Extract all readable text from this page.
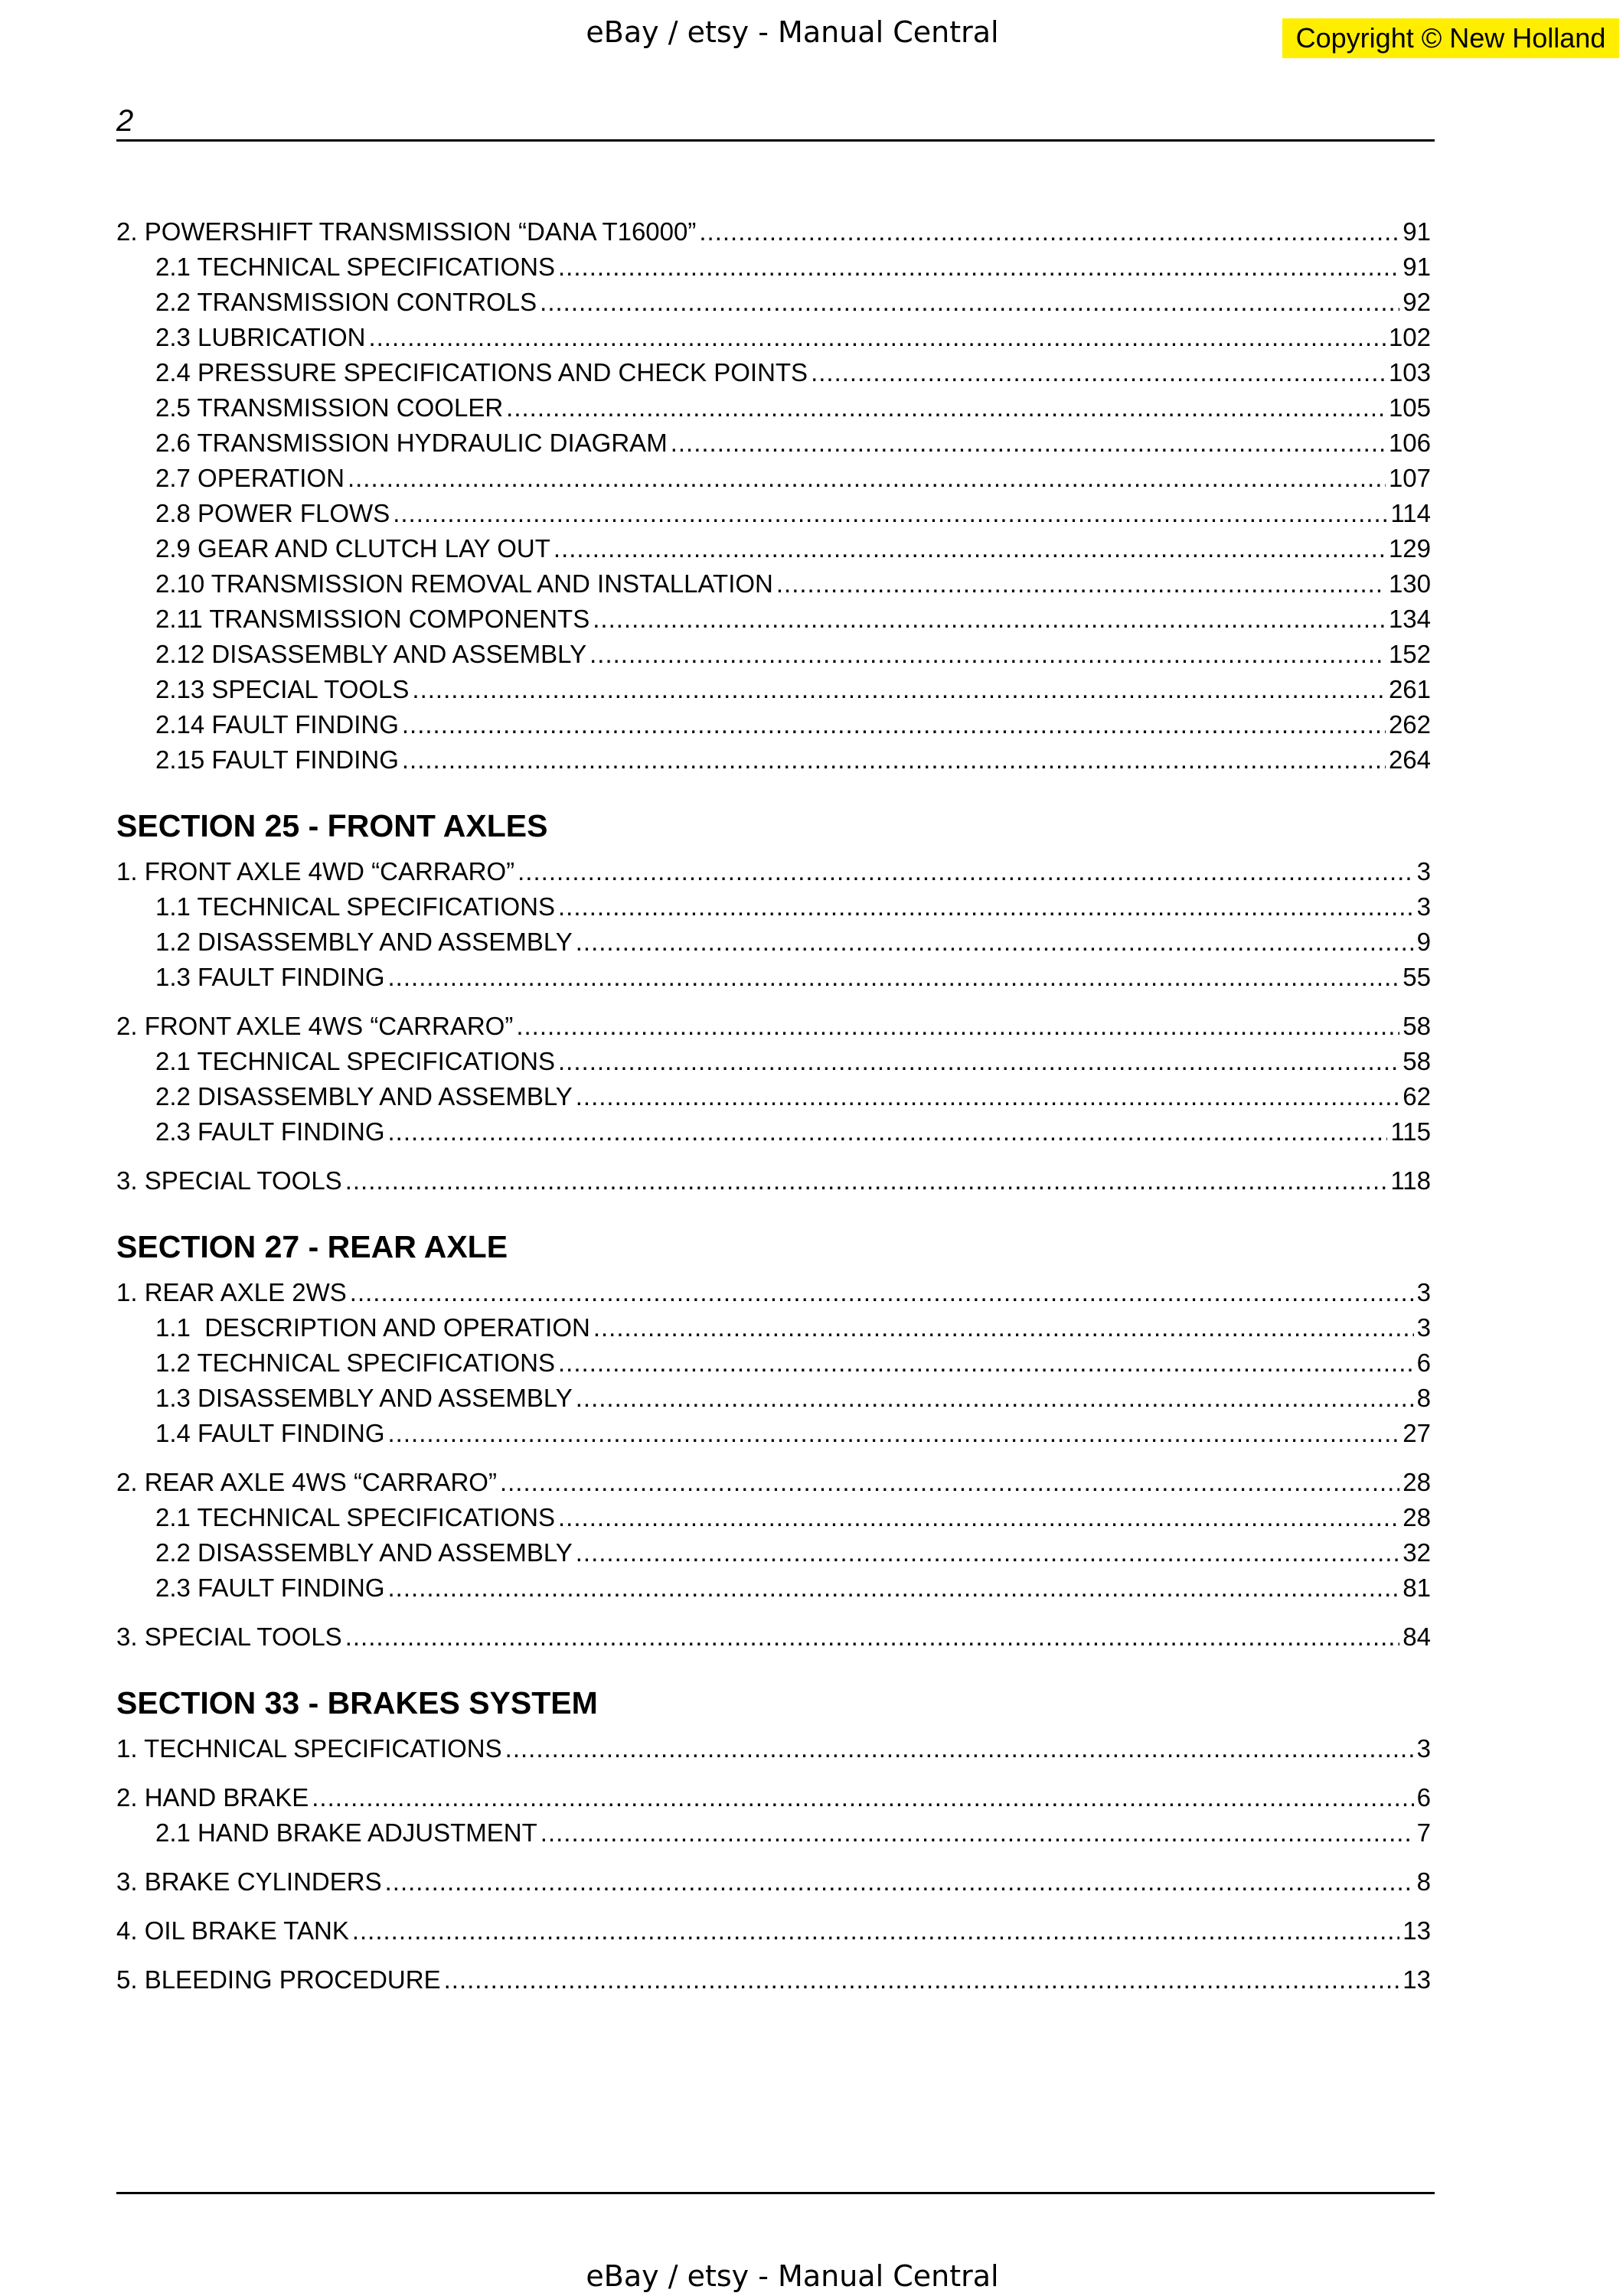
eBay / etsy - Manual Central	Copyright © New Holland
2
2. POWERSHIFT TRANSMISSION “DANA T16000” .....	91
2.1 TECHNICAL SPECIFICATIONS .....	91
2.2 TRANSMISSION CONTROLS .....	92
2.3 LUBRICATION .....	102
2.4 PRESSURE SPECIFICATIONS AND CHECK POINTS .....	103
2.5 TRANSMISSION COOLER .....	105
2.6 TRANSMISSION HYDRAULIC DIAGRAM .....	106
2.7 OPERATION .....	107
2.8 POWER FLOWS .....	114
2.9 GEAR AND CLUTCH LAY OUT .....	129
2.10 TRANSMISSION REMOVAL AND INSTALLATION .....	130
2.11 TRANSMISSION COMPONENTS .....	134
2.12 DISASSEMBLY AND ASSEMBLY .....	152
2.13 SPECIAL TOOLS .....	261
2.14 FAULT FINDING .....	262
2.15 FAULT FINDING .....	264
SECTION 25 - FRONT AXLES
1. FRONT AXLE 4WD “CARRARO” .....	3
1.1 TECHNICAL SPECIFICATIONS .....	3
1.2 DISASSEMBLY AND ASSEMBLY .....	9
1.3 FAULT FINDING .....	55
2. FRONT AXLE 4WS “CARRARO” .....	58
2.1 TECHNICAL SPECIFICATIONS .....	58
2.2 DISASSEMBLY AND ASSEMBLY .....	62
2.3 FAULT FINDING .....	115
3. SPECIAL TOOLS .....	118
SECTION 27 - REAR AXLE
1. REAR AXLE 2WS .....	3
1.1  DESCRIPTION AND OPERATION .....	3
1.2 TECHNICAL SPECIFICATIONS .....	6
1.3 DISASSEMBLY AND ASSEMBLY .....	8
1.4 FAULT FINDING .....	27
2. REAR AXLE 4WS “CARRARO” .....	28
2.1 TECHNICAL SPECIFICATIONS .....	28
2.2 DISASSEMBLY AND ASSEMBLY .....	32
2.3 FAULT FINDING .....	81
3. SPECIAL TOOLS .....	84
SECTION 33 - BRAKES SYSTEM
1. TECHNICAL SPECIFICATIONS .....	3
2. HAND BRAKE .....	6
2.1 HAND BRAKE ADJUSTMENT .....	7
3. BRAKE CYLINDERS .....	8
4. OIL BRAKE TANK .....	13
5. BLEEDING PROCEDURE .....	13
eBay / etsy - Manual Central
